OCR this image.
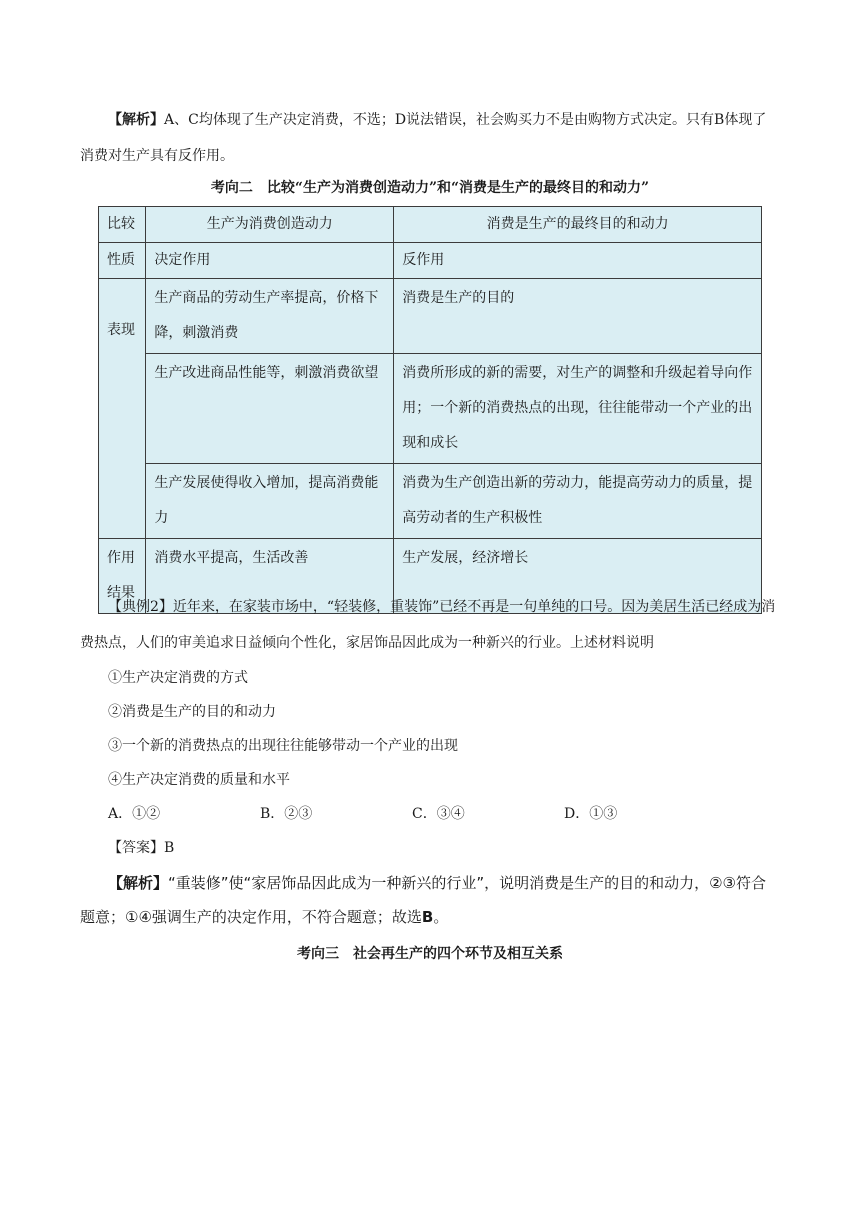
【解析】A、C均体现了生产决定消费，不选；D说法错误，社会购买力不是由购物方式决定。只有B体现了消费对生产具有反作用。

考向二　比较“生产为消费创造动力”和“消费是生产的最终目的和动力”

比较	生产为消费创造动力	消费是生产的最终目的和动力
性质	决定作用	反作用
表现	生产商品的劳动生产率提高，价格下降，刺激消费	消费是生产的目的
	生产改进商品性能等，刺激消费欲望	消费所形成的新的需要，对生产的调整和升级起着导向作用；一个新的消费热点的出现，往往能带动一个产业的出现和成长
	生产发展使得收入增加，提高消费能力	消费为生产创造出新的劳动力，能提高劳动力的质量，提高劳动者的生产积极性
作用结果	消费水平提高，生活改善	生产发展，经济增长

【典例2】近年来，在家装市场中，“轻装修，重装饰”已经不再是一句单纯的口号。因为美居生活已经成为消费热点，人们的审美追求日益倾向个性化，家居饰品因此成为一种新兴的行业。上述材料说明

①生产决定消费的方式

②消费是生产的目的和动力

③一个新的消费热点的出现往往能够带动一个产业的出现

④生产决定消费的质量和水平

A．①②	B．②③	C．③④	D．①③

【答案】B

【解析】“重装修”使“家居饰品因此成为一种新兴的行业”，说明消费是生产的目的和动力，②③符合题意；①④强调生产的决定作用，不符合题意；故选B。

考向三　社会再生产的四个环节及相互关系
